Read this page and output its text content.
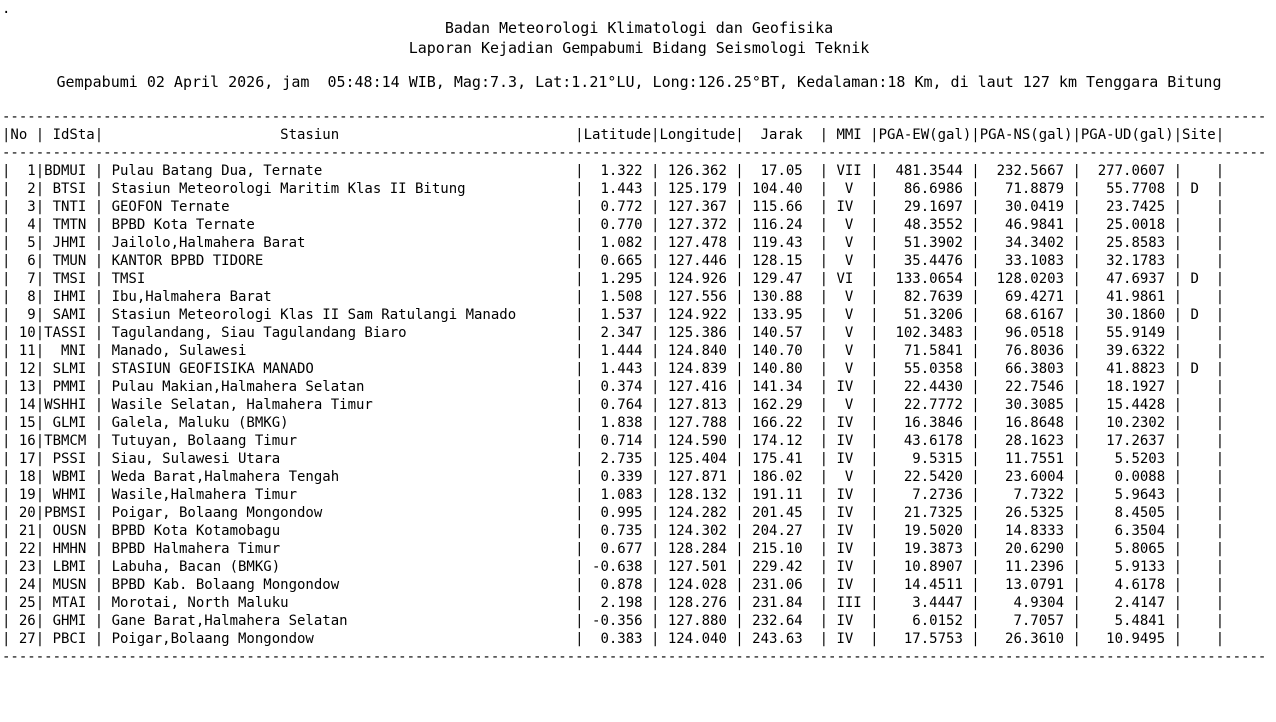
.
Badan Meteorologi Klimatologi dan Geofisika
Laporan Kejadian Gempabumi Bidang Seismologi Teknik
Gempabumi 02 April 2026, jam  05:48:14 WIB, Mag:7.3, Lat:1.21°LU, Long:126.25°BT, Kedalaman:18 Km, di laut 127 km Tenggara Bitung
------------------------------------------------------------------------------------------------------------------------------------------------------
|No | IdSta|                     Stasiun                            |Latitude|Longitude|  Jarak  | MMI |PGA-EW(gal)|PGA-NS(gal)|PGA-UD(gal)|Site|
------------------------------------------------------------------------------------------------------------------------------------------------------
|  1|BDMUI | Pulau Batang Dua, Ternate                              |  1.322 | 126.362 |  17.05  | VII |  481.3544 |  232.5667 |  277.0607 |    |
|  2| BTSI | Stasiun Meteorologi Maritim Klas II Bitung             |  1.443 | 125.179 | 104.40  |  V  |   86.6986 |   71.8879 |   55.7708 | D  |
|  3| TNTI | GEOFON Ternate                                         |  0.772 | 127.367 | 115.66  | IV  |   29.1697 |   30.0419 |   23.7425 |    |
|  4| TMTN | BPBD Kota Ternate                                      |  0.770 | 127.372 | 116.24  |  V  |   48.3552 |   46.9841 |   25.0018 |    |
|  5| JHMI | Jailolo,Halmahera Barat                                |  1.082 | 127.478 | 119.43  |  V  |   51.3902 |   34.3402 |   25.8583 |    |
|  6| TMUN | KANTOR BPBD TIDORE                                     |  0.665 | 127.446 | 128.15  |  V  |   35.4476 |   33.1083 |   32.1783 |    |
|  7| TMSI | TMSI                                                   |  1.295 | 124.926 | 129.47  | VI  |  133.0654 |  128.0203 |   47.6937 | D  |
|  8| IHMI | Ibu,Halmahera Barat                                    |  1.508 | 127.556 | 130.88  |  V  |   82.7639 |   69.4271 |   41.9861 |    |
|  9| SAMI | Stasiun Meteorologi Klas II Sam Ratulangi Manado       |  1.537 | 124.922 | 133.95  |  V  |   51.3206 |   68.6167 |   30.1860 | D  |
| 10|TASSI | Tagulandang, Siau Tagulandang Biaro                    |  2.347 | 125.386 | 140.57  |  V  |  102.3483 |   96.0518 |   55.9149 |    |
| 11|  MNI | Manado, Sulawesi                                       |  1.444 | 124.840 | 140.70  |  V  |   71.5841 |   76.8036 |   39.6322 |    |
| 12| SLMI | STASIUN GEOFISIKA MANADO                               |  1.443 | 124.839 | 140.80  |  V  |   55.0358 |   66.3803 |   41.8823 | D  |
| 13| PMMI | Pulau Makian,Halmahera Selatan                         |  0.374 | 127.416 | 141.34  | IV  |   22.4430 |   22.7546 |   18.1927 |    |
| 14|WSHHI | Wasile Selatan, Halmahera Timur                        |  0.764 | 127.813 | 162.29  |  V  |   22.7772 |   30.3085 |   15.4428 |    |
| 15| GLMI | Galela, Maluku (BMKG)                                  |  1.838 | 127.788 | 166.22  | IV  |   16.3846 |   16.8648 |   10.2302 |    |
| 16|TBMCM | Tutuyan, Bolaang Timur                                 |  0.714 | 124.590 | 174.12  | IV  |   43.6178 |   28.1623 |   17.2637 |    |
| 17| PSSI | Siau, Sulawesi Utara                                   |  2.735 | 125.404 | 175.41  | IV  |    9.5315 |   11.7551 |    5.5203 |    |
| 18| WBMI | Weda Barat,Halmahera Tengah                            |  0.339 | 127.871 | 186.02  |  V  |   22.5420 |   23.6004 |    0.0088 |    |
| 19| WHMI | Wasile,Halmahera Timur                                 |  1.083 | 128.132 | 191.11  | IV  |    7.2736 |    7.7322 |    5.9643 |    |
| 20|PBMSI | Poigar, Bolaang Mongondow                              |  0.995 | 124.282 | 201.45  | IV  |   21.7325 |   26.5325 |    8.4505 |    |
| 21| OUSN | BPBD Kota Kotamobagu                                   |  0.735 | 124.302 | 204.27  | IV  |   19.5020 |   14.8333 |    6.3504 |    |
| 22| HMHN | BPBD Halmahera Timur                                   |  0.677 | 128.284 | 215.10  | IV  |   19.3873 |   20.6290 |    5.8065 |    |
| 23| LBMI | Labuha, Bacan (BMKG)                                   | -0.638 | 127.501 | 229.42  | IV  |   10.8907 |   11.2396 |    5.9133 |    |
| 24| MUSN | BPBD Kab. Bolaang Mongondow                            |  0.878 | 124.028 | 231.06  | IV  |   14.4511 |   13.0791 |    4.6178 |    |
| 25| MTAI | Morotai, North Maluku                                  |  2.198 | 128.276 | 231.84  | III |    3.4447 |    4.9304 |    2.4147 |    |
| 26| GHMI | Gane Barat,Halmahera Selatan                           | -0.356 | 127.880 | 232.64  | IV  |    6.0152 |    7.7057 |    5.4841 |    |
| 27| PBCI | Poigar,Bolaang Mongondow                               |  0.383 | 124.040 | 243.63  | IV  |   17.5753 |   26.3610 |   10.9495 |    |
------------------------------------------------------------------------------------------------------------------------------------------------------
